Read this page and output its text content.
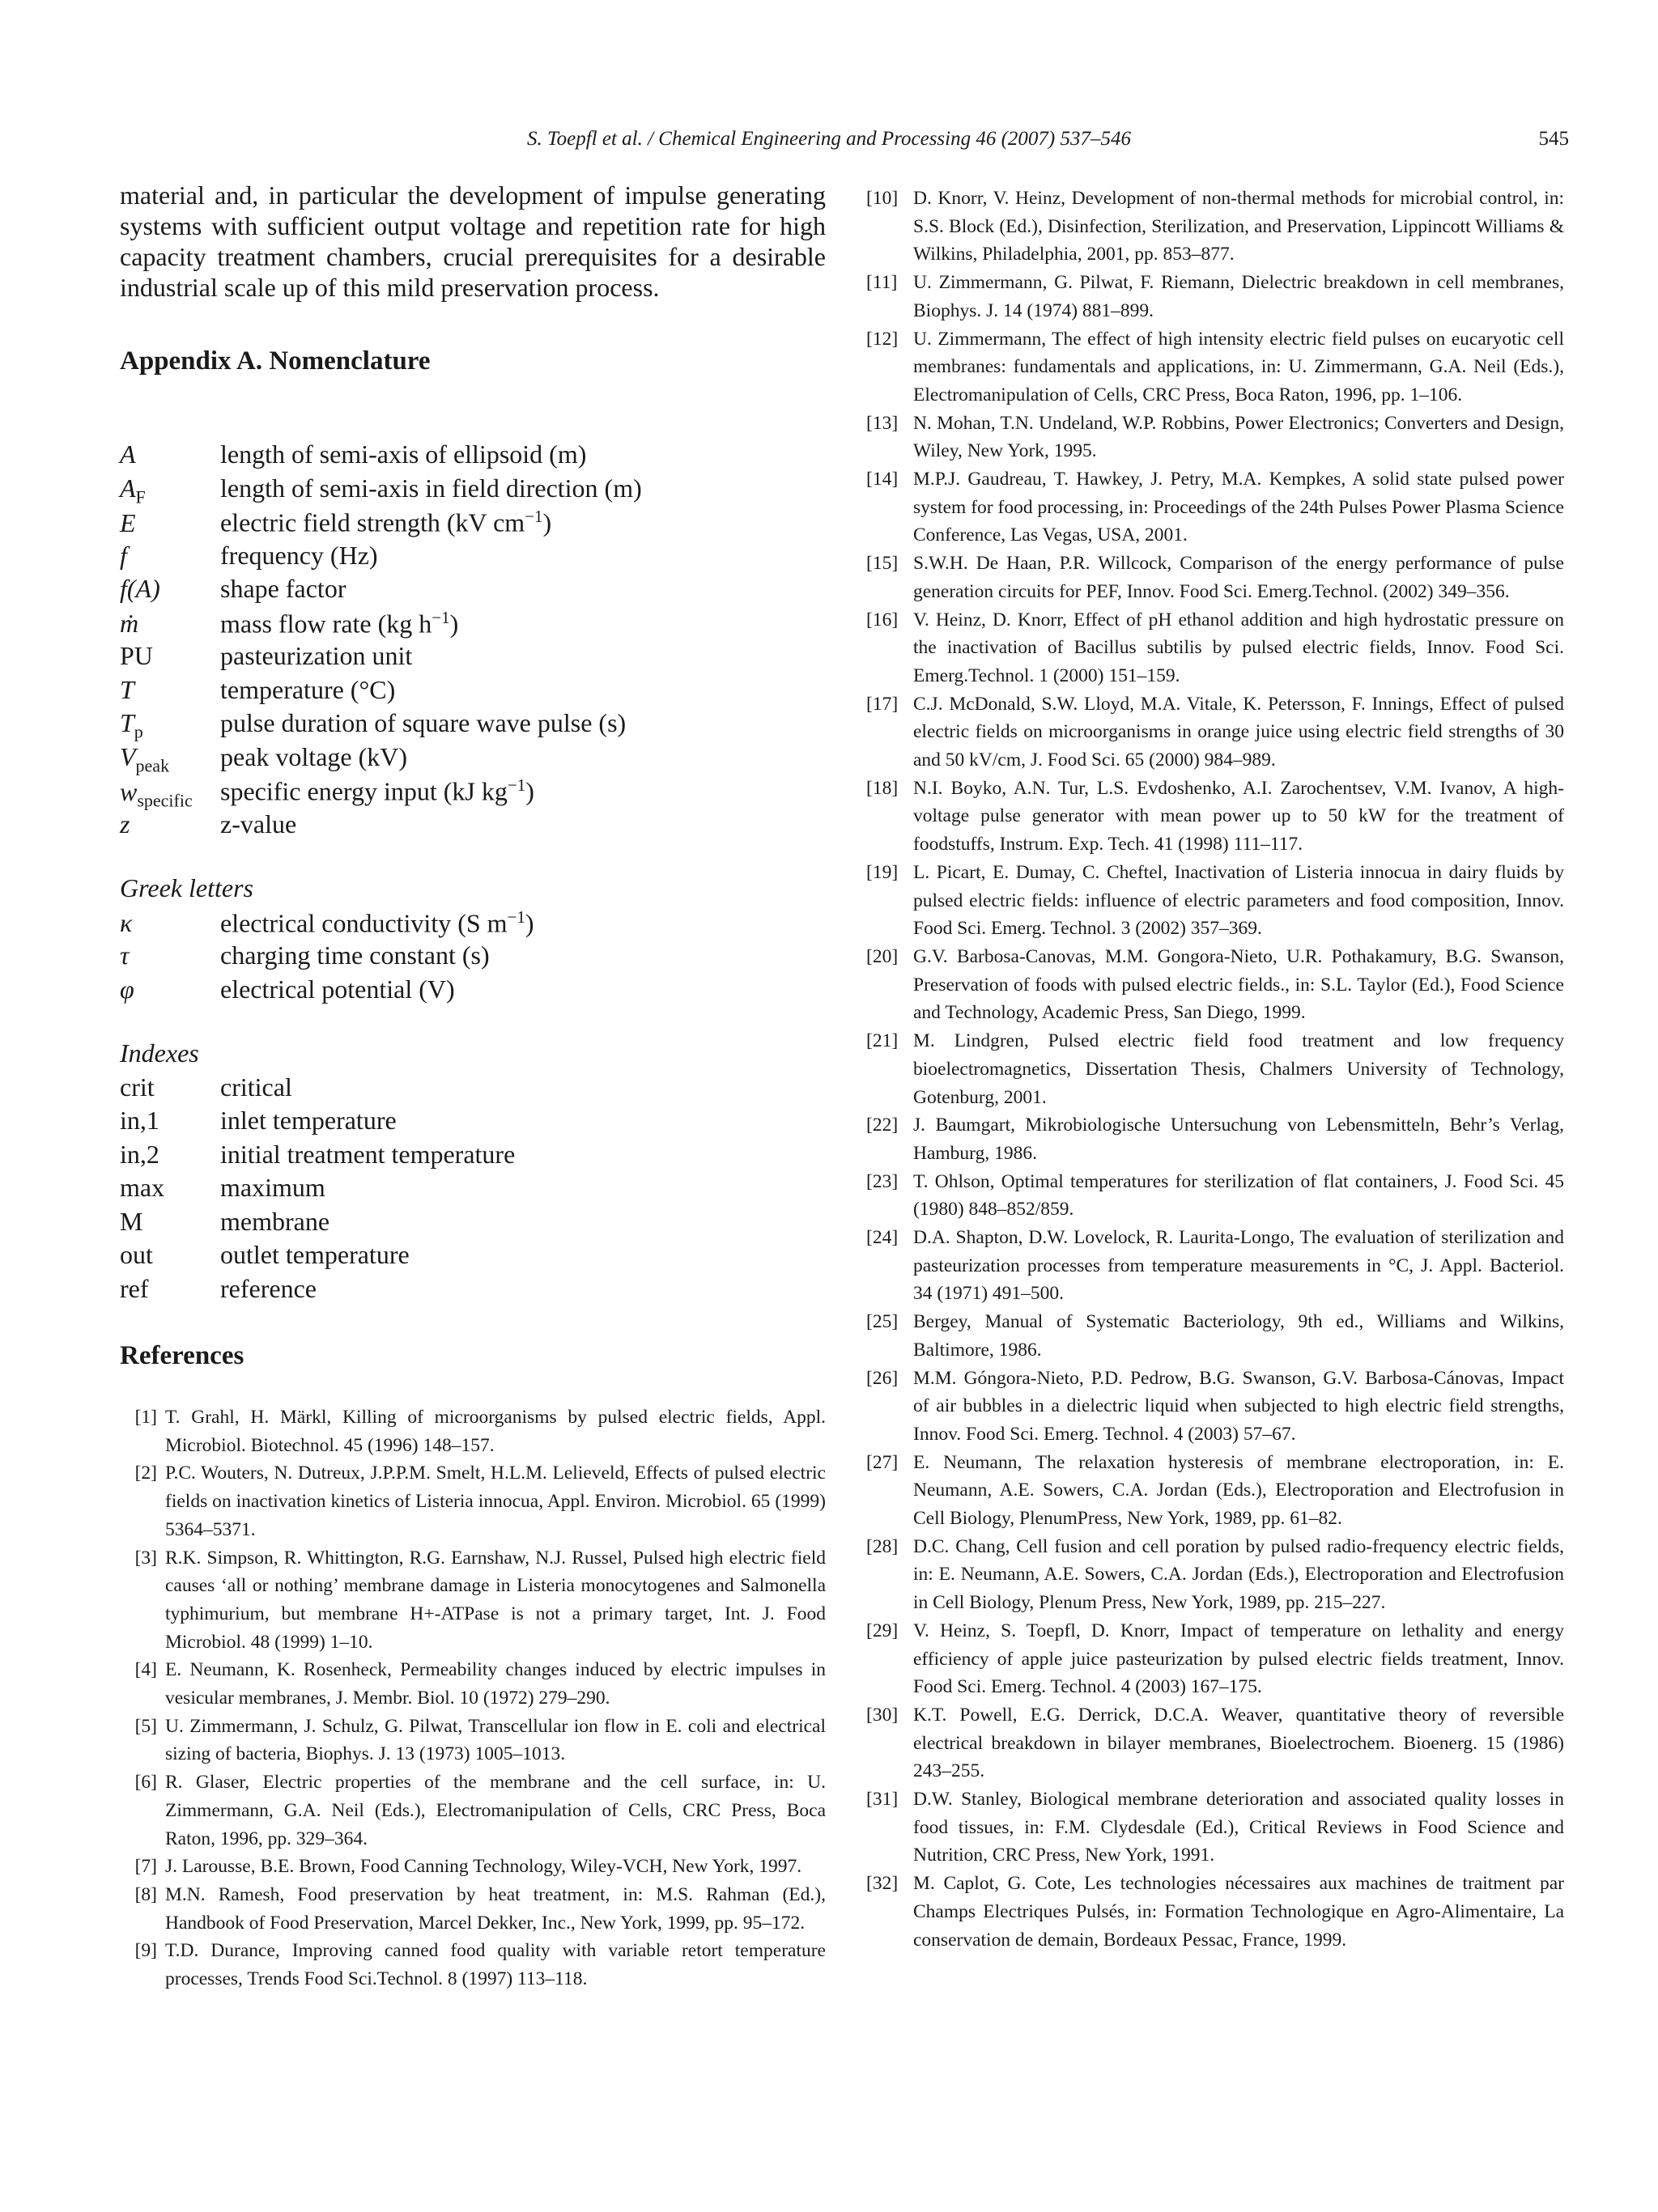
S. Toepfl et al. / Chemical Engineering and Processing 46 (2007) 537–546	545

material and, in particular the development of impulse generating systems with sufficient output voltage and repetition rate for high capacity treatment chambers, crucial prerequisites for a desirable industrial scale up of this mild preservation process.

Appendix A. Nomenclature
A	length of semi-axis of ellipsoid (m)
$A_F$	length of semi-axis in field direction (m)
E	electric field strength (kV $cm^{-1}$)
f	frequency (Hz)
f(A)	shape factor
ṁ	mass flow rate (kg $h^{-1}$)
PU	pasteurization unit
T	temperature (°C)
$T_p$	pulse duration of square wave pulse (s)
$V_{peak}$	peak voltage (kV)
$w_{specific}$	specific energy input (kJ $kg^{-1}$)
z	z-value
Greek letters
κ	electrical conductivity (S $m^{-1}$)
τ	charging time constant (s)
φ	electrical potential (V)
Indexes
crit	critical
in,1	inlet temperature
in,2	initial treatment temperature
max	maximum
M	membrane
out	outlet temperature
ref	reference
References
[1] T. Grahl, H. Märkl, Killing of microorganisms by pulsed electric fields, Appl. Microbiol. Biotechnol. 45 (1996) 148–157.
[2] P.C. Wouters, N. Dutreux, J.P.P.M. Smelt, H.L.M. Lelieveld, Effects of pulsed electric fields on inactivation kinetics of Listeria innocua, Appl. Environ. Microbiol. 65 (1999) 5364–5371.
[3] R.K. Simpson, R. Whittington, R.G. Earnshaw, N.J. Russel, Pulsed high electric field causes ‘all or nothing’ membrane damage in Listeria monocytogenes and Salmonella typhimurium, but membrane H+-ATPase is not a primary target, Int. J. Food Microbiol. 48 (1999) 1–10.
[4] E. Neumann, K. Rosenheck, Permeability changes induced by electric impulses in vesicular membranes, J. Membr. Biol. 10 (1972) 279–290.
[5] U. Zimmermann, J. Schulz, G. Pilwat, Transcellular ion flow in E. coli and electrical sizing of bacteria, Biophys. J. 13 (1973) 1005–1013.
[6] R. Glaser, Electric properties of the membrane and the cell surface, in: U. Zimmermann, G.A. Neil (Eds.), Electromanipulation of Cells, CRC Press, Boca Raton, 1996, pp. 329–364.
[7] J. Larousse, B.E. Brown, Food Canning Technology, Wiley-VCH, New York, 1997.
[8] M.N. Ramesh, Food preservation by heat treatment, in: M.S. Rahman (Ed.), Handbook of Food Preservation, Marcel Dekker, Inc., New York, 1999, pp. 95–172.
[9] T.D. Durance, Improving canned food quality with variable retort temperature processes, Trends Food Sci.Technol. 8 (1997) 113–118.
[10] D. Knorr, V. Heinz, Development of non-thermal methods for microbial control, in: S.S. Block (Ed.), Disinfection, Sterilization, and Preservation, Lippincott Williams & Wilkins, Philadelphia, 2001, pp. 853–877.
[11] U. Zimmermann, G. Pilwat, F. Riemann, Dielectric breakdown in cell membranes, Biophys. J. 14 (1974) 881–899.
[12] U. Zimmermann, The effect of high intensity electric field pulses on eucaryotic cell membranes: fundamentals and applications, in: U. Zimmermann, G.A. Neil (Eds.), Electromanipulation of Cells, CRC Press, Boca Raton, 1996, pp. 1–106.
[13] N. Mohan, T.N. Undeland, W.P. Robbins, Power Electronics; Converters and Design, Wiley, New York, 1995.
[14] M.P.J. Gaudreau, T. Hawkey, J. Petry, M.A. Kempkes, A solid state pulsed power system for food processing, in: Proceedings of the 24th Pulses Power Plasma Science Conference, Las Vegas, USA, 2001.
[15] S.W.H. De Haan, P.R. Willcock, Comparison of the energy performance of pulse generation circuits for PEF, Innov. Food Sci. Emerg.Technol. (2002) 349–356.
[16] V. Heinz, D. Knorr, Effect of pH ethanol addition and high hydrostatic pressure on the inactivation of Bacillus subtilis by pulsed electric fields, Innov. Food Sci. Emerg.Technol. 1 (2000) 151–159.
[17] C.J. McDonald, S.W. Lloyd, M.A. Vitale, K. Petersson, F. Innings, Effect of pulsed electric fields on microorganisms in orange juice using electric field strengths of 30 and 50 kV/cm, J. Food Sci. 65 (2000) 984–989.
[18] N.I. Boyko, A.N. Tur, L.S. Evdoshenko, A.I. Zarochentsev, V.M. Ivanov, A high-voltage pulse generator with mean power up to 50 kW for the treatment of foodstuffs, Instrum. Exp. Tech. 41 (1998) 111–117.
[19] L. Picart, E. Dumay, C. Cheftel, Inactivation of Listeria innocua in dairy fluids by pulsed electric fields: influence of electric parameters and food composition, Innov. Food Sci. Emerg. Technol. 3 (2002) 357–369.
[20] G.V. Barbosa-Canovas, M.M. Gongora-Nieto, U.R. Pothakamury, B.G. Swanson, Preservation of foods with pulsed electric fields., in: S.L. Taylor (Ed.), Food Science and Technology, Academic Press, San Diego, 1999.
[21] M. Lindgren, Pulsed electric field food treatment and low frequency bioelectromagnetics, Dissertation Thesis, Chalmers University of Technology, Gotenburg, 2001.
[22] J. Baumgart, Mikrobiologische Untersuchung von Lebensmitteln, Behr’s Verlag, Hamburg, 1986.
[23] T. Ohlson, Optimal temperatures for sterilization of flat containers, J. Food Sci. 45 (1980) 848–852/859.
[24] D.A. Shapton, D.W. Lovelock, R. Laurita-Longo, The evaluation of sterilization and pasteurization processes from temperature measurements in °C, J. Appl. Bacteriol. 34 (1971) 491–500.
[25] Bergey, Manual of Systematic Bacteriology, 9th ed., Williams and Wilkins, Baltimore, 1986.
[26] M.M. Góngora-Nieto, P.D. Pedrow, B.G. Swanson, G.V. Barbosa-Cánovas, Impact of air bubbles in a dielectric liquid when subjected to high electric field strengths, Innov. Food Sci. Emerg. Technol. 4 (2003) 57–67.
[27] E. Neumann, The relaxation hysteresis of membrane electroporation, in: E. Neumann, A.E. Sowers, C.A. Jordan (Eds.), Electroporation and Electrofusion in Cell Biology, PlenumPress, New York, 1989, pp. 61–82.
[28] D.C. Chang, Cell fusion and cell poration by pulsed radio-frequency electric fields, in: E. Neumann, A.E. Sowers, C.A. Jordan (Eds.), Electroporation and Electrofusion in Cell Biology, Plenum Press, New York, 1989, pp. 215–227.
[29] V. Heinz, S. Toepfl, D. Knorr, Impact of temperature on lethality and energy efficiency of apple juice pasteurization by pulsed electric fields treatment, Innov. Food Sci. Emerg. Technol. 4 (2003) 167–175.
[30] K.T. Powell, E.G. Derrick, D.C.A. Weaver, quantitative theory of reversible electrical breakdown in bilayer membranes, Bioelectrochem. Bioenerg. 15 (1986) 243–255.
[31] D.W. Stanley, Biological membrane deterioration and associated quality losses in food tissues, in: F.M. Clydesdale (Ed.), Critical Reviews in Food Science and Nutrition, CRC Press, New York, 1991.
[32] M. Caplot, G. Cote, Les technologies nécessaires aux machines de traitment par Champs Electriques Pulsés, in: Formation Technologique en Agro-Alimentaire, La conservation de demain, Bordeaux Pessac, France, 1999.
